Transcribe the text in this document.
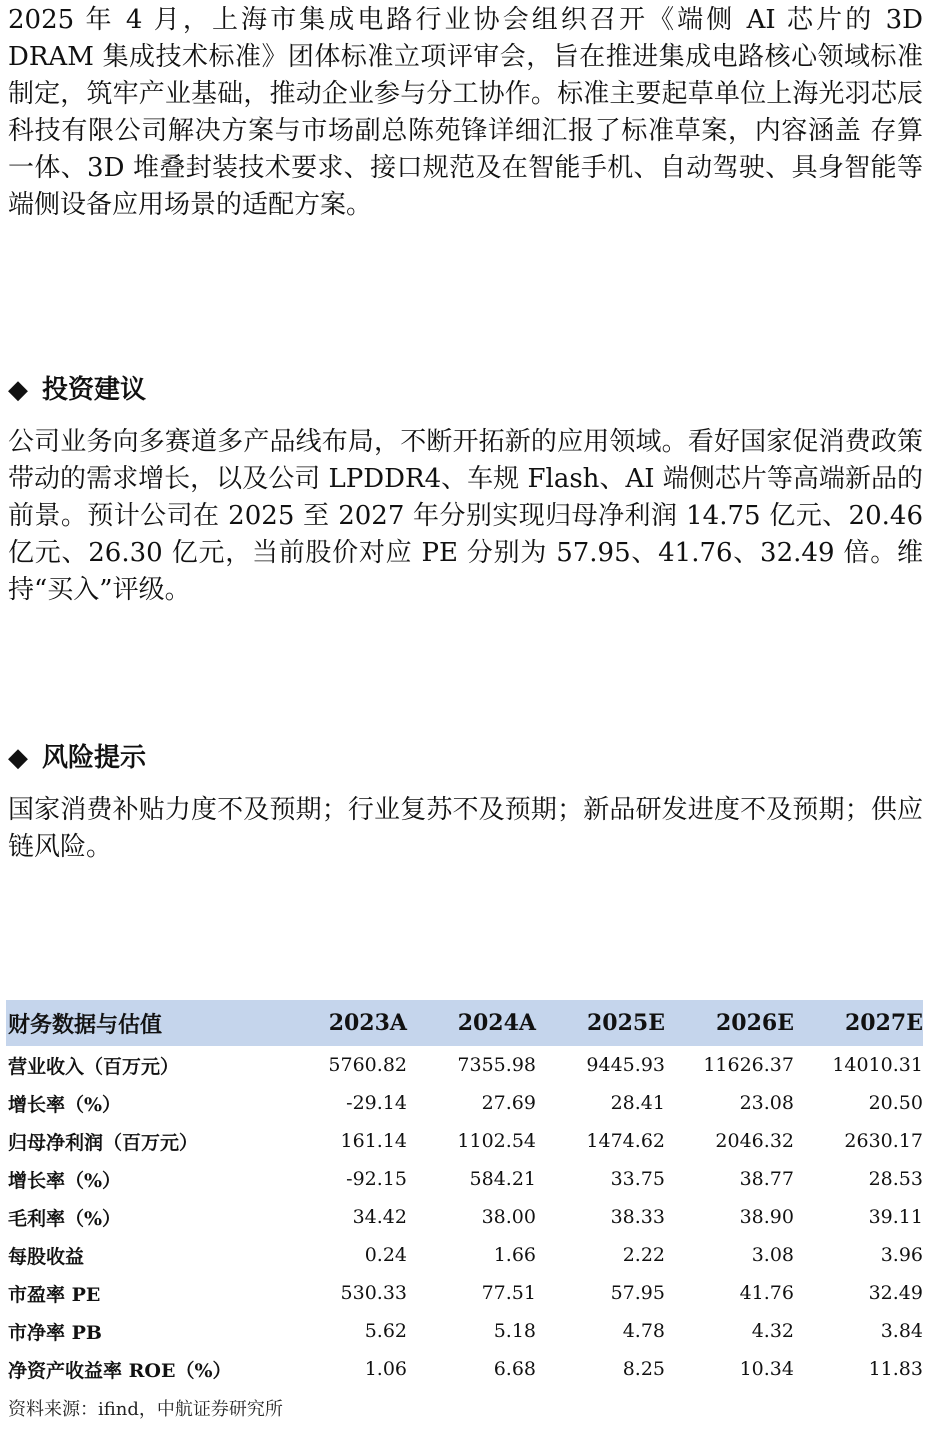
2025 年 4 月，上海市集成电路行业协会组织召开《端侧 AI 芯片的 3D DRAM 集成技术标准》团体标准立项评审会，旨在推进集成电路核心领域标准制定，筑牢产业基础，推动企业参与分工协作。标准主要起草单位上海光羽芯辰科技有限公司解决方案与市场副总陈苑锋详细汇报了标准草案，内容涵盖 存算一体、3D 堆叠封装技术要求、接口规范及在智能手机、自动驾驶、具身智能等端侧设备应用场景的适配方案。

◆ 投资建议

公司业务向多赛道多产品线布局，不断开拓新的应用领域。看好国家促消费政策带动的需求增长，以及公司 LPDDR4、车规 Flash、AI 端侧芯片等高端新品的前景。预计公司在 2025 至 2027 年分别实现归母净利润 14.75 亿元、20.46 亿元、26.30 亿元，当前股价对应 PE 分别为 57.95、41.76、32.49 倍。维持“买入”评级。

◆ 风险提示

国家消费补贴力度不及预期；行业复苏不及预期；新品研发进度不及预期；供应链风险。

财务数据与估值	2023A	2024A	2025E	2026E	2027E
营业收入（百万元）	5760.82	7355.98	9445.93	11626.37	14010.31
增长率（%）	-29.14	27.69	28.41	23.08	20.50
归母净利润（百万元）	161.14	1102.54	1474.62	2046.32	2630.17
增长率（%）	-92.15	584.21	33.75	38.77	28.53
毛利率（%）	34.42	38.00	38.33	38.90	39.11
每股收益	0.24	1.66	2.22	3.08	3.96
市盈率 PE	530.33	77.51	57.95	41.76	32.49
市净率 PB	5.62	5.18	4.78	4.32	3.84
净资产收益率 ROE（%）	1.06	6.68	8.25	10.34	11.83
资料来源：ifind，中航证券研究所
